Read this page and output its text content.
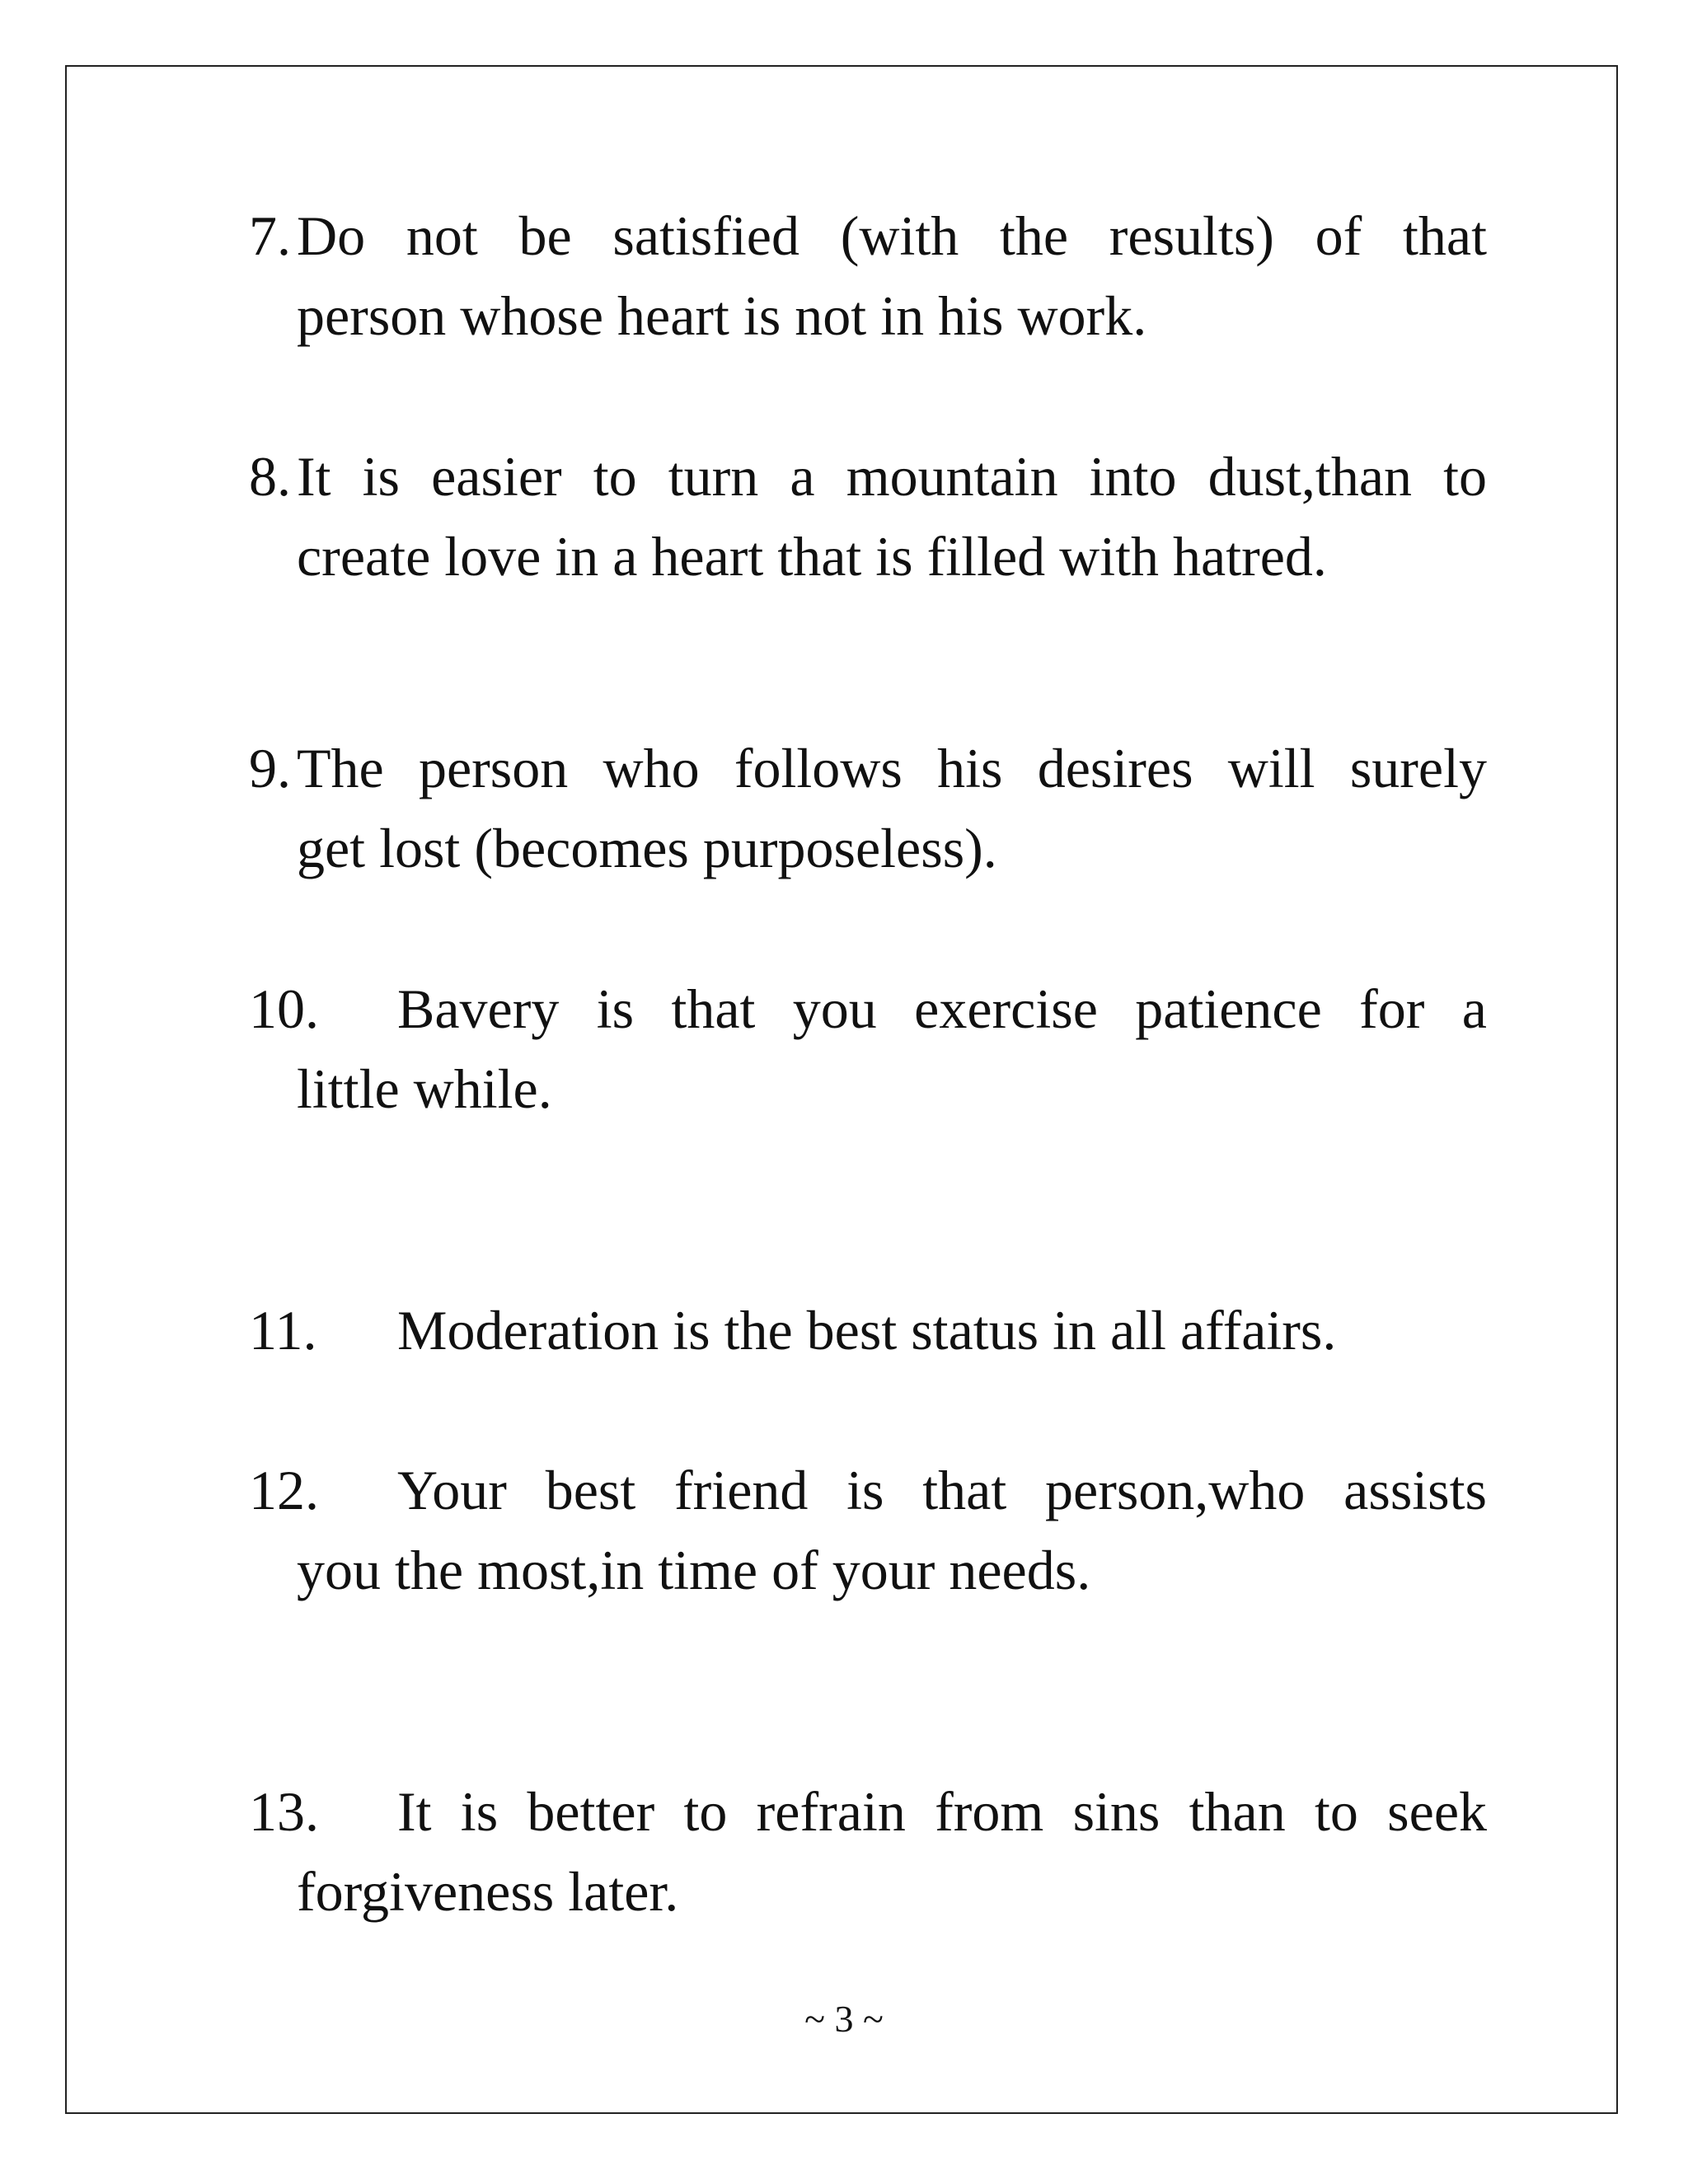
7. Do not be satisfied (with the results) of that
person whose heart is not in his work.
8. It is easier to turn a mountain into dust,than to
create love in a heart that is filled with hatred.
9. The person who follows his desires will surely
get lost (becomes purposeless).
10. Bavery is that you exercise patience for a
little while.
11. Moderation is the best status in all affairs.
12. Your best friend is that person,who assists
you the most,in time of your needs.
13. It is better to refrain from sins than to seek
forgiveness later.
~ 3 ~
